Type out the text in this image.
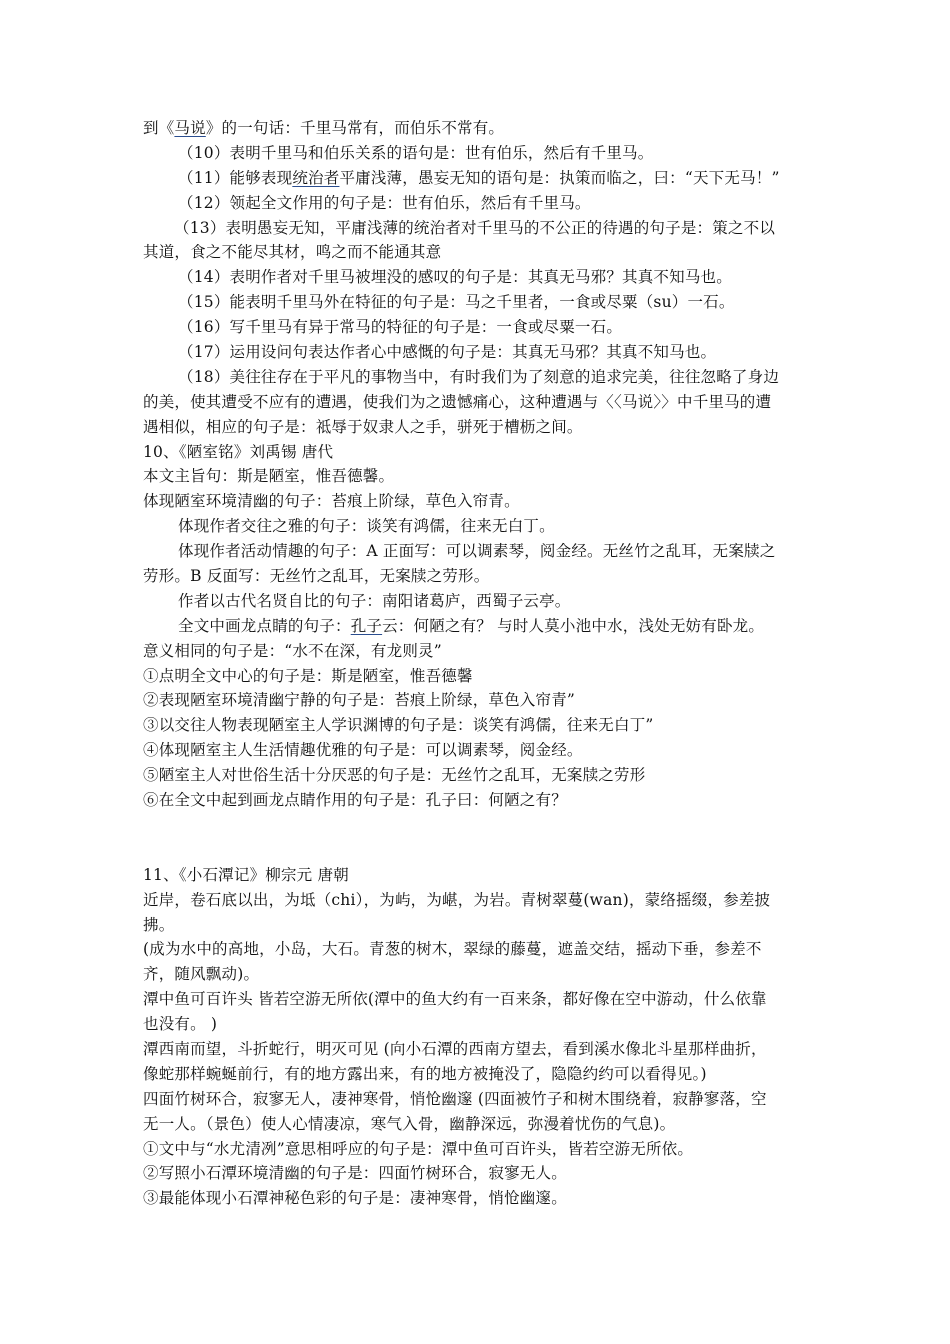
到《马说》的一句话：千里马常有，而伯乐不常有。
（10）表明千里马和伯乐关系的语句是：世有伯乐，然后有千里马。
（11）能够表现统治者平庸浅薄，愚妄无知的语句是：执策而临之，曰：“天下无马！”
（12）领起全文作用的句子是：世有伯乐，然后有千里马。
（13）表明愚妄无知，平庸浅薄的统治者对千里马的不公正的待遇的句子是：策之不以
其道，食之不能尽其材，鸣之而不能通其意
（14）表明作者对千里马被埋没的感叹的句子是：其真无马邪？其真不知马也。
（15）能表明千里马外在特征的句子是：马之千里者，一食或尽粟（su）一石。
（16）写千里马有异于常马的特征的句子是：一食或尽粟一石。
（17）运用设问句表达作者心中感慨的句子是：其真无马邪？其真不知马也。
（18）美往往存在于平凡的事物当中，有时我们为了刻意的追求完美，往往忽略了身边
的美，使其遭受不应有的遭遇，使我们为之遗憾痛心，这种遭遇与〈〈马说〉〉中千里马的遭
遇相似，相应的句子是：祗辱于奴隶人之手，骈死于槽枥之间。
10、《陋室铭》刘禹锡 唐代
本文主旨句：斯是陋室，惟吾德馨。
体现陋室环境清幽的句子：苔痕上阶绿，草色入帘青。
体现作者交往之雅的句子：谈笑有鸿儒，往来无白丁。
体现作者活动情趣的句子：A 正面写：可以调素琴，阅金经。无丝竹之乱耳，无案牍之
劳形。B 反面写：无丝竹之乱耳，无案牍之劳形。
作者以古代名贤自比的句子：南阳诸葛庐，西蜀子云亭。
全文中画龙点睛的句子：孔子云：何陋之有？ 与时人莫小池中水，浅处无妨有卧龙。
意义相同的句子是：“水不在深，有龙则灵”
①点明全文中心的句子是：斯是陋室，惟吾德馨
②表现陋室环境清幽宁静的句子是：苔痕上阶绿，草色入帘青”
③以交往人物表现陋室主人学识渊博的句子是：谈笑有鸿儒，往来无白丁”
④体现陋室主人生活情趣优雅的句子是：可以调素琴，阅金经。
⑤陋室主人对世俗生活十分厌恶的句子是：无丝竹之乱耳，无案牍之劳形
⑥在全文中起到画龙点睛作用的句子是：孔子曰：何陋之有？
11、《小石潭记》柳宗元 唐朝
近岸，卷石底以出，为坻（chi），为屿，为嵁，为岩。青树翠蔓(wan)，蒙络摇缀，参差披
拂。
(成为水中的高地，小岛，大石。青葱的树木，翠绿的藤蔓，遮盖交结，摇动下垂，参差不
齐，随风飘动)。
潭中鱼可百许头 皆若空游无所依(潭中的鱼大约有一百来条，都好像在空中游动，什么依靠
也没有。 )
潭西南而望，斗折蛇行，明灭可见 (向小石潭的西南方望去，看到溪水像北斗星那样曲折，
像蛇那样蜿蜒前行，有的地方露出来，有的地方被掩没了，隐隐约约可以看得见。)
四面竹树环合，寂寥无人，凄神寒骨，悄怆幽邃 (四面被竹子和树木围绕着，寂静寥落，空
无一人。（景色）使人心情凄凉，寒气入骨，幽静深远，弥漫着忧伤的气息)。
①文中与“水尤清冽”意思相呼应的句子是：潭中鱼可百许头，皆若空游无所依。
②写照小石潭环境清幽的句子是：四面竹树环合，寂寥无人。
③最能体现小石潭神秘色彩的句子是：凄神寒骨，悄怆幽邃。
